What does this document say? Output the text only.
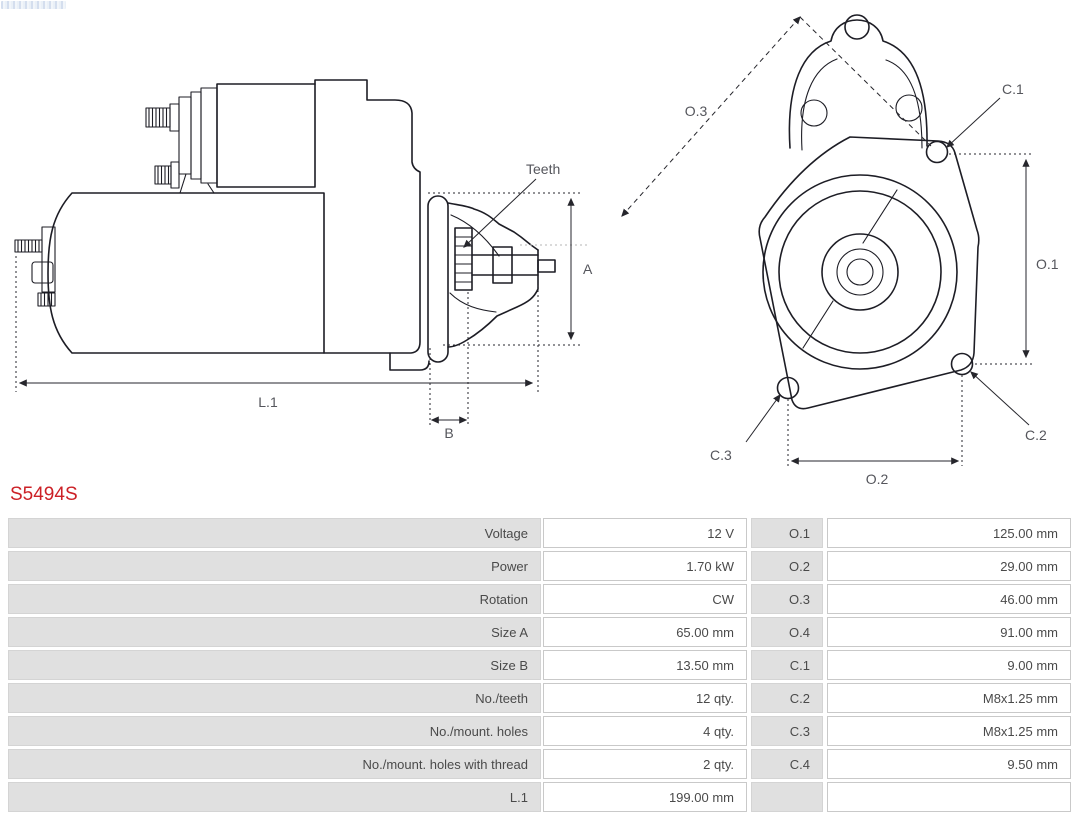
A
L.1
B
Teeth
O.3
C.1
O.1
C.2
C.3
O.2
S5494S
Voltage	12 V	O.1	125.00 mm
Power	1.70 kW	O.2	29.00 mm
Rotation	CW	O.3	46.00 mm
Size A	65.00 mm	O.4	91.00 mm
Size B	13.50 mm	C.1	9.00 mm
No./teeth	12 qty.	C.2	M8x1.25 mm
No./mount. holes	4 qty.	C.3	M8x1.25 mm
No./mount. holes with thread	2 qty.	C.4	9.50 mm
L.1	199.00 mm
